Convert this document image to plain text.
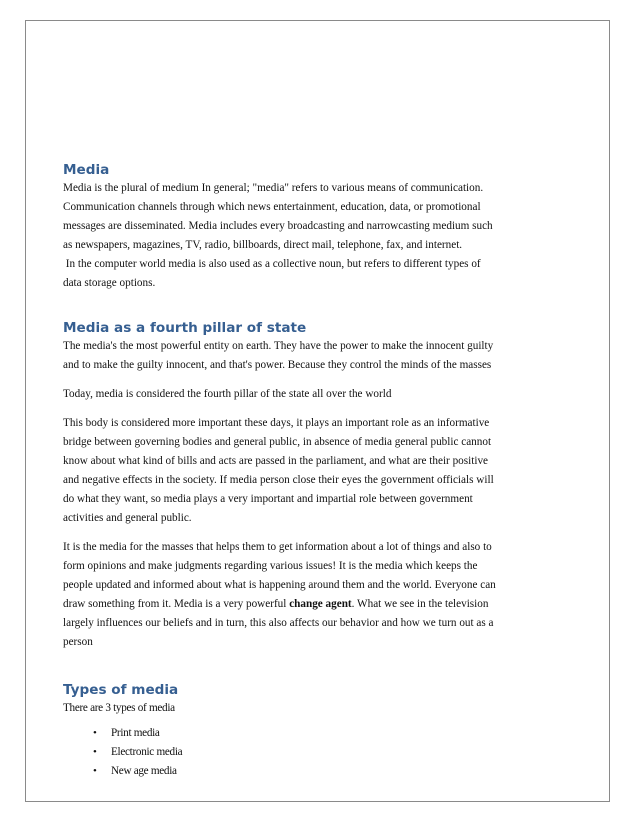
Media

Media is the plural of medium In general; "media" refers to various means of communication.
Communication channels through which news entertainment, education, data, or promotional
messages are disseminated. Media includes every broadcasting and narrowcasting medium such
as newspapers, magazines, TV, radio, billboards, direct mail, telephone, fax, and internet.
In the computer world media is also used as a collective noun, but refers to different types of
data storage options.

Media as a fourth pillar of state

The media's the most powerful entity on earth. They have the power to make the innocent guilty
and to make the guilty innocent, and that's power. Because they control the minds of the masses

Today, media is considered the fourth pillar of the state all over the world

This body is considered more important these days, it plays an important role as an informative
bridge between governing bodies and general public, in absence of media general public cannot
know about what kind of bills and acts are passed in the parliament, and what are their positive
and negative effects in the society. If media person close their eyes the government officials will
do what they want, so media plays a very important and impartial role between government
activities and general public.

It is the media for the masses that helps them to get information about a lot of things and also to
form opinions and make judgments regarding various issues! It is the media which keeps the
people updated and informed about what is happening around them and the world. Everyone can
draw something from it. Media is a very powerful change agent. What we see in the television
largely influences our beliefs and in turn, this also affects our behavior and how we turn out as a
person

Types of media

There are 3 types of media

• Print media
• Electronic media
• New age media
